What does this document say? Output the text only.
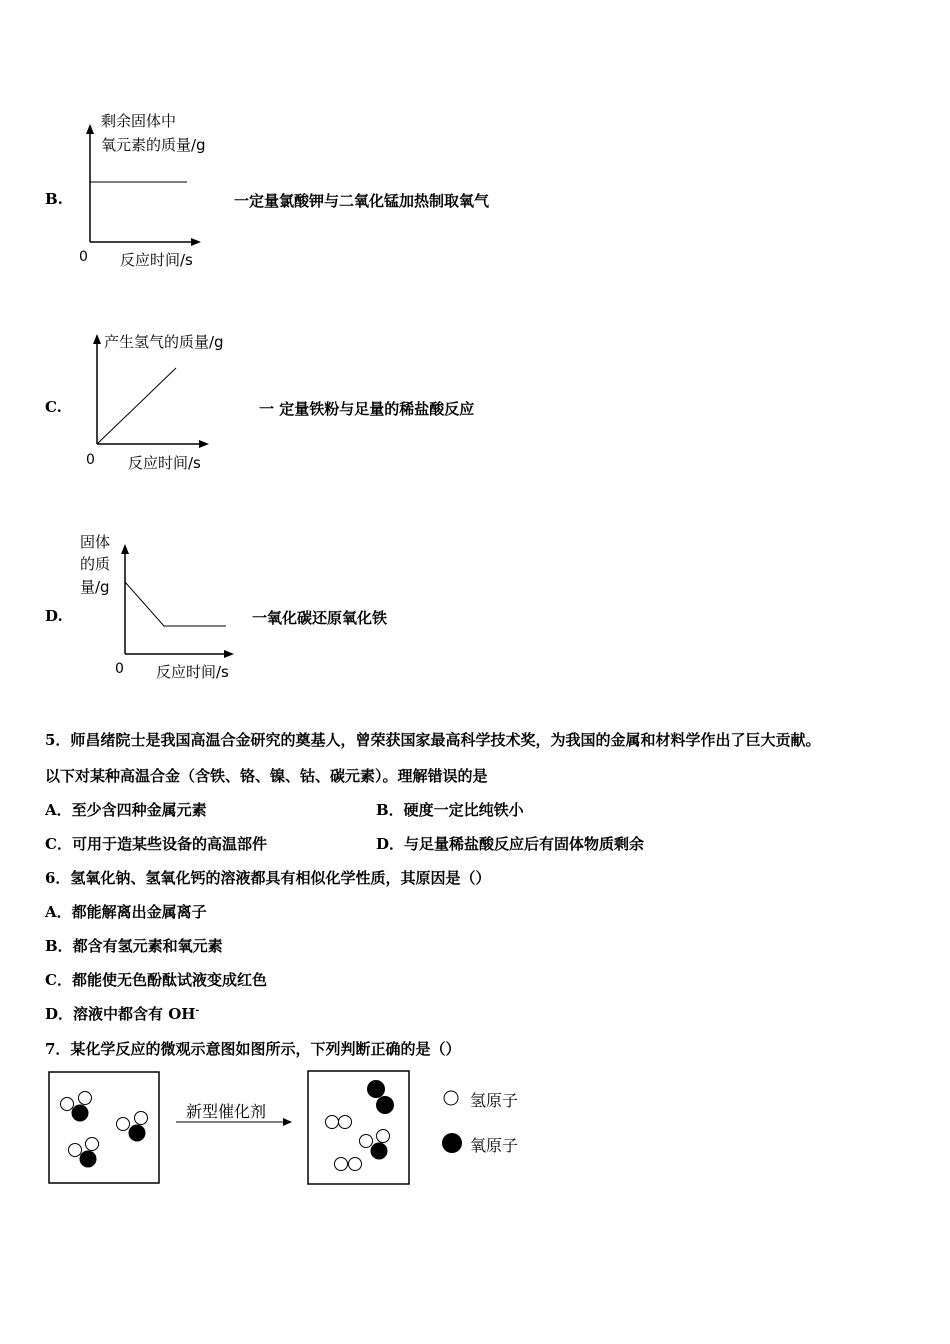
B.
剩余固体中
氧元素的质量/g
0 反应时间/s
一定量氯酸钾与二氧化锰加热制取氧气
C.
产生氢气的质量/g
0 反应时间/s
一 定量铁粉与足量的稀盐酸反应
D.
固体
的质
量/g
0 反应时间/s
一氧化碳还原氧化铁
5．师昌绪院士是我国高温合金研究的奠基人，曾荣获国家最高科学技术奖，为我国的金属和材料学作出了巨大贡献。
以下对某种高温合金（含铁、铬、镍、钴、碳元素）。理解错误的是
A．至少含四种金属元素	B．硬度一定比纯铁小
C．可用于造某些设备的高温部件	D．与足量稀盐酸反应后有固体物质剩余
6．氢氧化钠、氢氧化钙的溶液都具有相似化学性质，其原因是（）
A．都能解离出金属离子
B．都含有氢元素和氧元素
C．都能使无色酚酞试液变成红色
D．溶液中都含有 OH-
7．某化学反应的微观示意图如图所示，下列判断正确的是（）
新型催化剂
氢原子
氧原子
